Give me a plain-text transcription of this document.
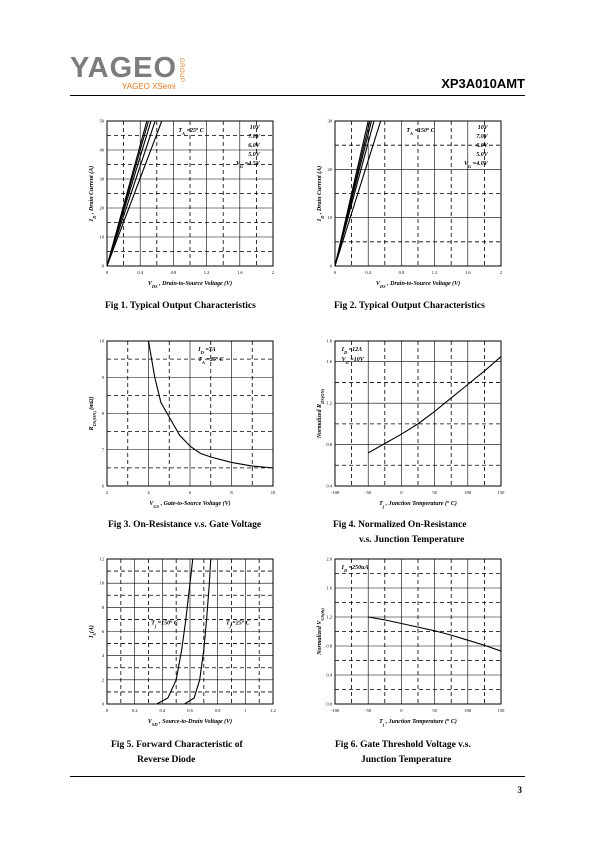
YAGEO GROUP
YAGEO XSemi	XP3A010AMT
0	0.4	0.8	1.2	1.6	2
0
10
20
30
40
50
$V_{DS}$ , Drain-to-Source Voltage (V)
$I_D$ , Drain Current (A)
$T_A =25^o$ C	10V
7.0V
6.0V
5.0V
$V_G =4.5V$
0	0.4	0.8	1.2	1.6	2
0
10
20
30
$V_{DS}$ , Drain-to-Source Voltage (V)
$I_D$ , Drain Current (A)
$T_A =150^o$ C	10V
7.0V
6.0V
5.0V
$V_G =4.0V$
Fig 1. Typical Output Characteristics	Fig 2. Typical Output Characteristics
2	4	6	8	10
6
7
8
9
10
$V_{GS}$ , Gate-to-Source Voltage (V)
$R_{DS(ON)}$ (mΩ)
$I_D =7A$
$T_A =25^o$ C
-100	-50	0	50	100	150
0.4
0.8
1.2
1.6
1.8
$T_j$ , Junction Temperature ($^o$ C)
Normalized $R_{DS(ON)}$
$I_D =12A$
$V_G =10V$
Fig 3. On-Resistance v.s. Gate Voltage	Fig 4. Normalized On-Resistance
v.s. Junction Temperature
0	0.2	0.4	0.6	0.8	1	1.2
0
2
4
6
8
10
12
$V_{SD}$ , Source-to-Drain Voltage (V)
$I_S(A)$
$T_j =150^o$ C	$T_j =25^o$ C
-100	-50	0	50	100	150
0.0
0.4
0.8
1.2
1.6
2.0
$T_j$ , Junction Temperature ($^o$ C)
Normalized $V_{GS(th)}$
$I_D =250uA$
Fig 5. Forward Characteristic of
Reverse Diode
Fig 6. Gate Threshold Voltage v.s.
Junction Temperature
3
